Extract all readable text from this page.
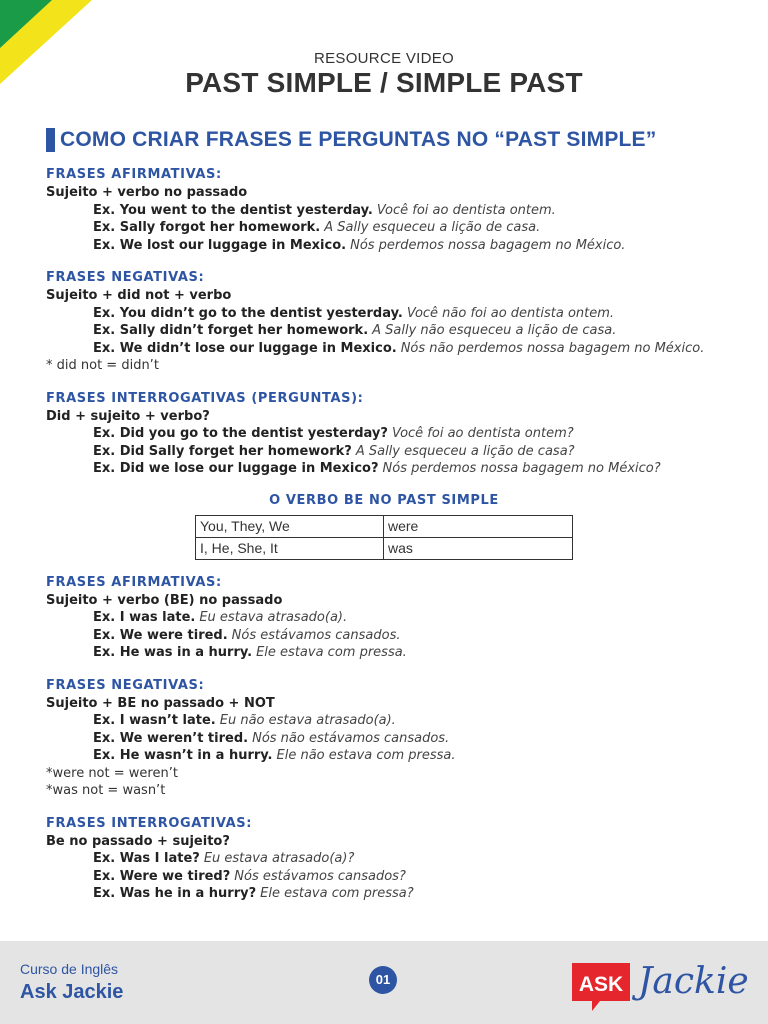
RESOURCE VIDEO
PAST SIMPLE / SIMPLE PAST
COMO CRIAR FRASES E PERGUNTAS NO “PAST SIMPLE”
FRASES AFIRMATIVAS:
Sujeito + verbo no passado
Ex. You went to the dentist yesterday. Você foi ao dentista ontem.
Ex. Sally forgot her homework. A Sally esqueceu a lição de casa.
Ex. We lost our luggage in Mexico. Nós perdemos nossa bagagem no México.
FRASES NEGATIVAS:
Sujeito + did not + verbo
Ex. You didn’t go to the dentist yesterday. Você não foi ao dentista ontem.
Ex. Sally didn’t forget her homework. A Sally não esqueceu a lição de casa.
Ex. We didn’t lose our luggage in Mexico. Nós não perdemos nossa bagagem no México.
* did not = didn’t
FRASES INTERROGATIVAS (PERGUNTAS):
Did + sujeito + verbo?
Ex. Did you go to the dentist yesterday? Você foi ao dentista ontem?
Ex. Did Sally forget her homework? A Sally esqueceu a lição de casa?
Ex. Did we lose our luggage in Mexico? Nós perdemos nossa bagagem no México?
O VERBO BE NO PAST SIMPLE
You, They, We	were
I, He, She, It	was
FRASES AFIRMATIVAS:
Sujeito + verbo (BE) no passado
Ex. I was late. Eu estava atrasado(a).
Ex. We were tired. Nós estávamos cansados.
Ex. He was in a hurry. Ele estava com pressa.
FRASES NEGATIVAS:
Sujeito + BE no passado + NOT
Ex. I wasn’t late. Eu não estava atrasado(a).
Ex. We weren’t tired. Nós não estávamos cansados.
Ex. He wasn’t in a hurry. Ele não estava com pressa.
*were not = weren’t
*was not = wasn’t
FRASES INTERROGATIVAS:
Be no passado + sujeito?
Ex. Was I late? Eu estava atrasado(a)?
Ex. Were we tired? Nós estávamos cansados?
Ex. Was he in a hurry? Ele estava com pressa?
Curso de Inglês
Ask Jackie
01	ASK Jackie
